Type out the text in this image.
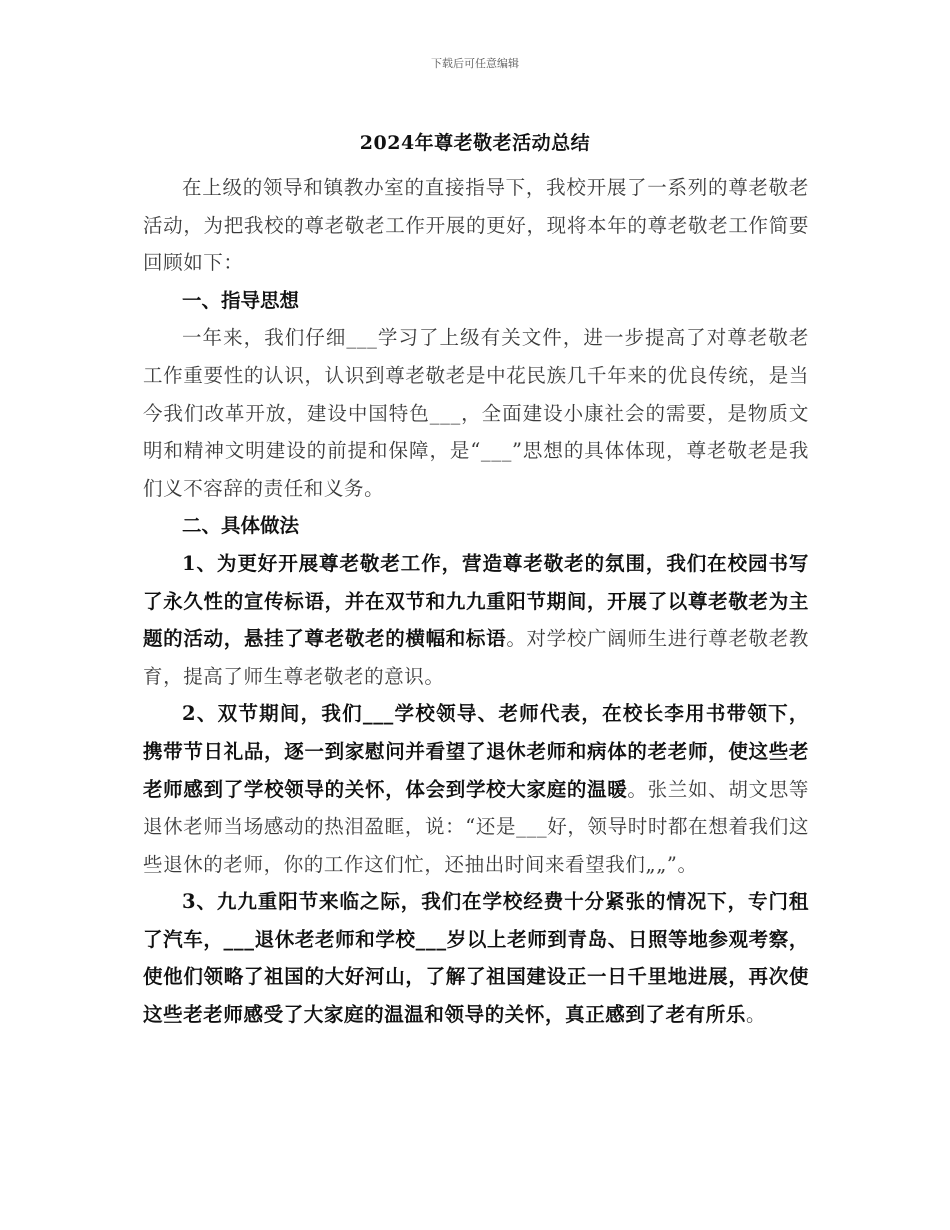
下载后可任意编辑
2024年尊老敬老活动总结

在上级的领导和镇教办室的直接指导下，我校开展了一系列的尊老敬老活动，为把我校的尊老敬老工作开展的更好，现将本年的尊老敬老工作简要回顾如下：

一、指导思想

一年来，我们仔细___学习了上级有关文件，进一步提高了对尊老敬老工作重要性的认识，认识到尊老敬老是中花民族几千年来的优良传统，是当今我们改革开放，建设中国特色___，全面建设小康社会的需要，是物质文明和精神文明建设的前提和保障，是“___”思想的具体体现，尊老敬老是我们义不容辞的责任和义务。

二、具体做法

1、为更好开展尊老敬老工作，营造尊老敬老的氛围，我们在校园书写了永久性的宣传标语，并在双节和九九重阳节期间，开展了以尊老敬老为主题的活动，悬挂了尊老敬老的横幅和标语。对学校广阔师生进行尊老敬老教育，提高了师生尊老敬老的意识。

2、双节期间，我们___学校领导、老师代表，在校长李用书带领下，携带节日礼品，逐一到家慰问并看望了退休老师和病体的老老师，使这些老老师感到了学校领导的关怀，体会到学校大家庭的温暖。张兰如、胡文思等退休老师当场感动的热泪盈眶，说：“还是___好，领导时时都在想着我们这些退休的老师，你的工作这们忙，还抽出时间来看望我们„„”。

3、九九重阳节来临之际，我们在学校经费十分紧张的情况下，专门租了汽车，___退休老老师和学校___岁以上老师到青岛、日照等地参观考察，使他们领略了祖国的大好河山，了解了祖国建设正一日千里地进展，再次使这些老老师感受了大家庭的温温和领导的关怀，真正感到了老有所乐。
